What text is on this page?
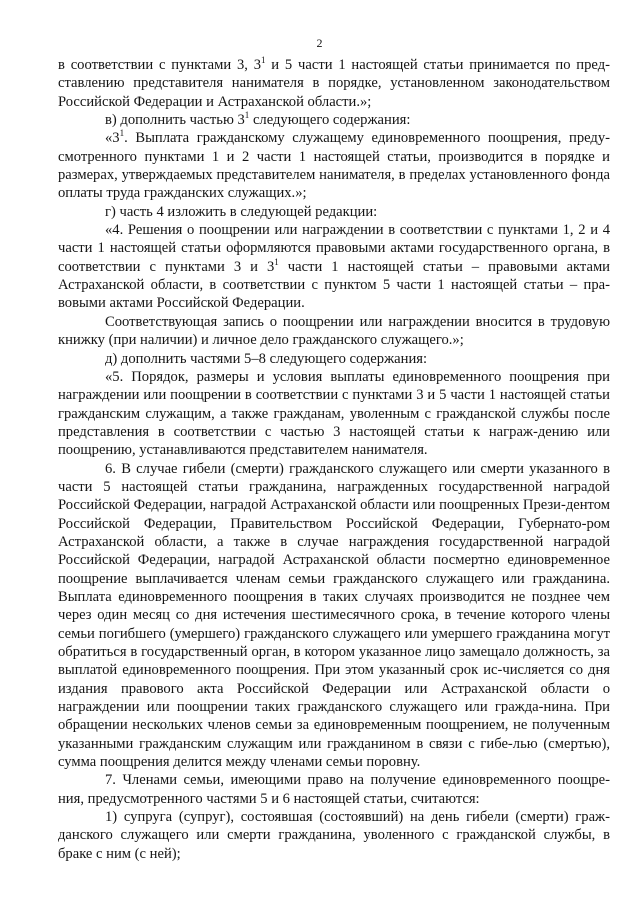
2

в соответствии с пунктами 3, $3^1$ и 5 части 1 настоящей статьи принимается по пред-ставлению представителя нанимателя в порядке, установленном законодательством Российской Федерации и Астраханской области.»;

в) дополнить частью $3^1$ следующего содержания:

«$3^1$. Выплата гражданскому служащему единовременного поощрения, преду-смотренного пунктами 1 и 2 части 1 настоящей статьи, производится в порядке и размерах, утверждаемых представителем нанимателя, в пределах установленного фонда оплаты труда гражданских служащих.»;

г) часть 4 изложить в следующей редакции:

«4. Решения о поощрении или награждении в соответствии с пунктами 1, 2 и 4 части 1 настоящей статьи оформляются правовыми актами государственного органа, в соответствии с пунктами 3 и $3^1$ части 1 настоящей статьи – правовыми актами Астраханской области, в соответствии с пунктом 5 части 1 настоящей статьи – пра-вовыми актами Российской Федерации.

Соответствующая запись о поощрении или награждении вносится в трудовую книжку (при наличии) и личное дело гражданского служащего.»;

д) дополнить частями 5–8 следующего содержания:

«5. Порядок, размеры и условия выплаты единовременного поощрения при награждении или поощрении в соответствии с пунктами 3 и 5 части 1 настоящей статьи гражданским служащим, а также гражданам, уволенным с гражданской службы после представления в соответствии с частью 3 настоящей статьи к награж-дению или поощрению, устанавливаются представителем нанимателя.

6. В случае гибели (смерти) гражданского служащего или смерти указанного в части 5 настоящей статьи гражданина, награжденных государственной наградой Российской Федерации, наградой Астраханской области или поощренных Прези-дентом Российской Федерации, Правительством Российской Федерации, Губернато-ром Астраханской области, а также в случае награждения государственной наградой Российской Федерации, наградой Астраханской области посмертно единовременное поощрение выплачивается членам семьи гражданского служащего или гражданина. Выплата единовременного поощрения в таких случаях производится не позднее чем через один месяц со дня истечения шестимесячного срока, в течение которого члены семьи погибшего (умершего) гражданского служащего или умершего гражданина могут обратиться в государственный орган, в котором указанное лицо замещало должность, за выплатой единовременного поощрения. При этом указанный срок ис-числяется со дня издания правового акта Российской Федерации или Астраханской области о награждении или поощрении таких гражданского служащего или гражда-нина. При обращении нескольких членов семьи за единовременным поощрением, не полученным указанными гражданским служащим или гражданином в связи с гибе-лью (смертью), сумма поощрения делится между членами семьи поровну.

7. Членами семьи, имеющими право на получение единовременного поощре-ния, предусмотренного частями 5 и 6 настоящей статьи, считаются:

1) супруга (супруг), состоявшая (состоявший) на день гибели (смерти) граж-данского служащего или смерти гражданина, уволенного с гражданской службы, в браке с ним (с ней);
